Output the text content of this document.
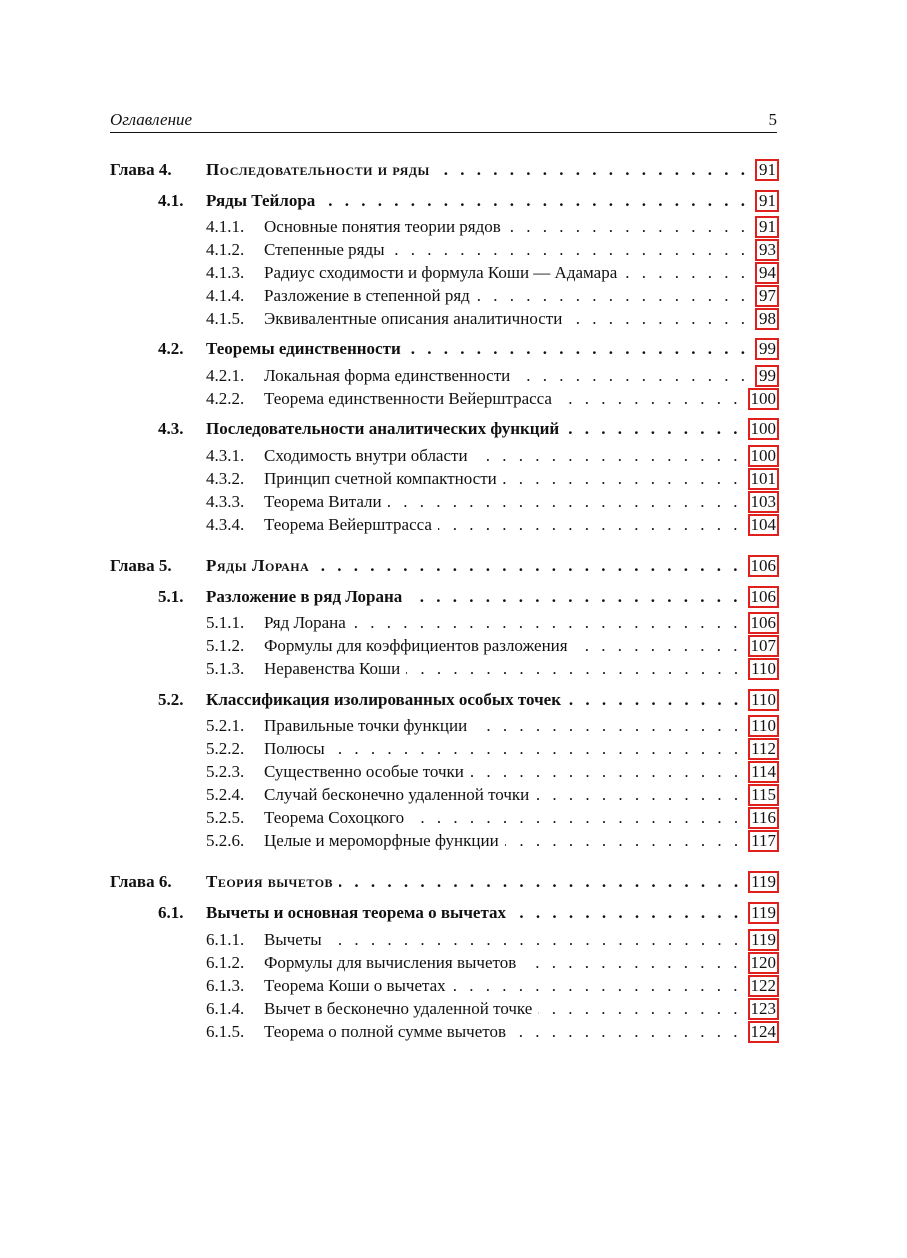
Оглавление	5
Глава 4.	Последовательности и ряды . . .	91
4.1.	Ряды Тейлора . . .	91
4.1.1.	Основные понятия теории рядов . . .	91
4.1.2.	Степенные ряды . . .	93
4.1.3.	Радиус сходимости и формула Коши — Адамара . . .	94
4.1.4.	Разложение в степенной ряд . . .	97
4.1.5.	Эквивалентные описания аналитичности . . .	98
4.2.	Теоремы единственности . . .	99
4.2.1.	Локальная форма единственности . . .	99
4.2.2.	Теорема единственности Вейерштрасса . . .	100
4.3.	Последовательности аналитических функций . . .	100
4.3.1.	Сходимость внутри области . . .	100
4.3.2.	Принцип счетной компактности . . .	101
4.3.3.	Теорема Витали . . .	103
4.3.4.	Теорема Вейерштрасса . . .	104
Глава 5.	Ряды Лорана . . .	106
5.1.	Разложение в ряд Лорана . . .	106
5.1.1.	Ряд Лорана . . .	106
5.1.2.	Формулы для коэффициентов разложения . . .	107
5.1.3.	Неравенства Коши . . .	110
5.2.	Классификация изолированных особых точек . . .	110
5.2.1.	Правильные точки функции . . .	110
5.2.2.	Полюсы . . .	112
5.2.3.	Существенно особые точки . . .	114
5.2.4.	Случай бесконечно удаленной точки . . .	115
5.2.5.	Теорема Сохоцкого . . .	116
5.2.6.	Целые и мероморфные функции . . .	117
Глава 6.	Теория вычетов . . .	119
6.1.	Вычеты и основная теорема о вычетах . . .	119
6.1.1.	Вычеты . . .	119
6.1.2.	Формулы для вычисления вычетов . . .	120
6.1.3.	Теорема Коши о вычетах . . .	122
6.1.4.	Вычет в бесконечно удаленной точке . . .	123
6.1.5.	Теорема о полной сумме вычетов . . .	124
